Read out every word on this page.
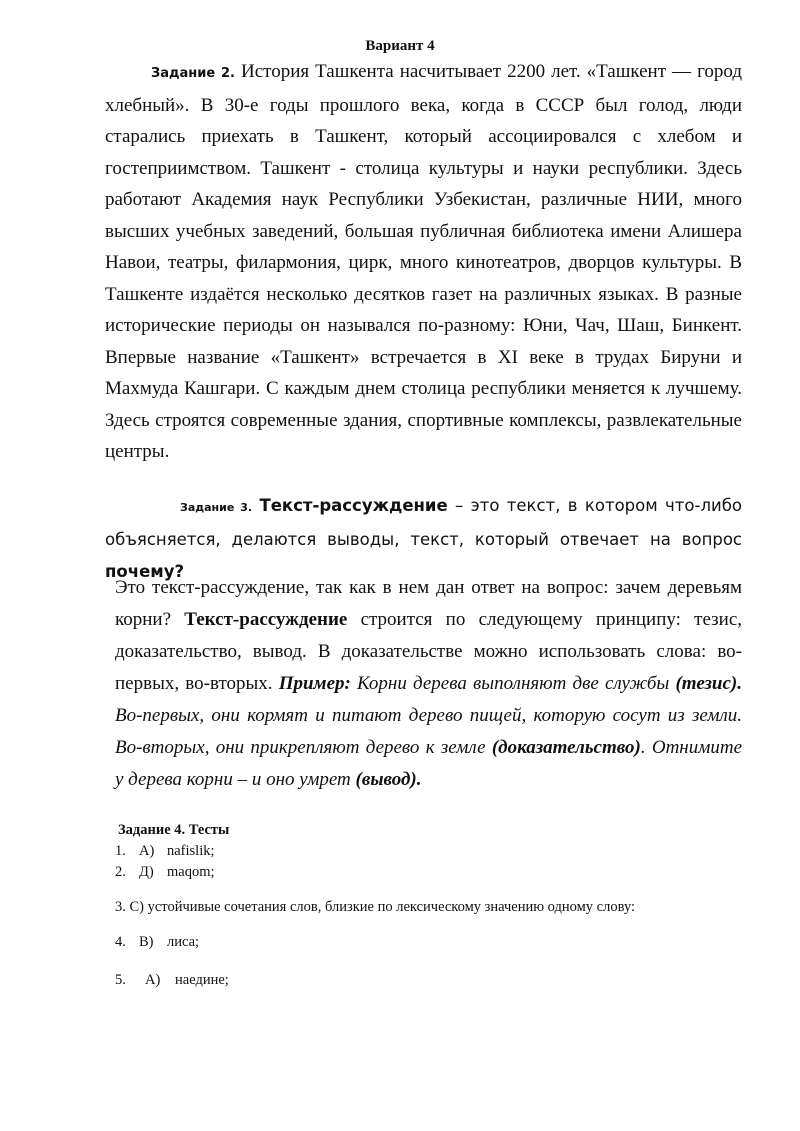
Вариант 4
Задание 2. История Ташкента насчитывает 2200 лет. «Ташкент — город хлебный». В 30-е годы прошлого века, когда в СССР был голод, люди старались приехать в Ташкент, который ассоциировался с хлебом и гостеприимством. Ташкент - столица культуры и науки республики. Здесь работают Академия наук Республики Узбекистан, различные НИИ, много высших учебных заведений, большая публичная библиотека имени Алишера Навои, театры, филармония, цирк, много кинотеатров, дворцов культуры. В Ташкенте издаётся несколько десятков газет на различных языках. В разные исторические периоды он назывался по-разному: Юни, Чач, Шаш, Бинкент. Впервые название «Ташкент» встречается в XI веке в трудах Бируни и Махмуда Кашгари. С каждым днем столица республики меняется к лучшему. Здесь строятся современные здания, спортивные комплексы, развлекательные центры.
Задание 3. Текст-рассуждение – это текст, в котором что-либо объясняется, делаются выводы, текст, который отвечает на вопрос почему?
Это текст-рассуждение, так как в нем дан ответ на вопрос: зачем деревьям корни? Текст-рассуждение строится по следующему принципу: тезис, доказательство, вывод. В доказательстве можно использовать слова: во-первых, во-вторых. Пример: Корни дерева выполняют две службы (тезис). Во-первых, они кормят и питают дерево пищей, которую сосут из земли. Во-вторых, они прикрепляют дерево к земле (доказательство). Отнимите у дерева корни – и оно умрет (вывод).
Задание 4. Тесты
1. А) nafislik;
2. Д) maqom;
3. С) устойчивые сочетания слов, близкие по лексическому значению одному слову:
4. В) лиса;
5. А) наедине;
